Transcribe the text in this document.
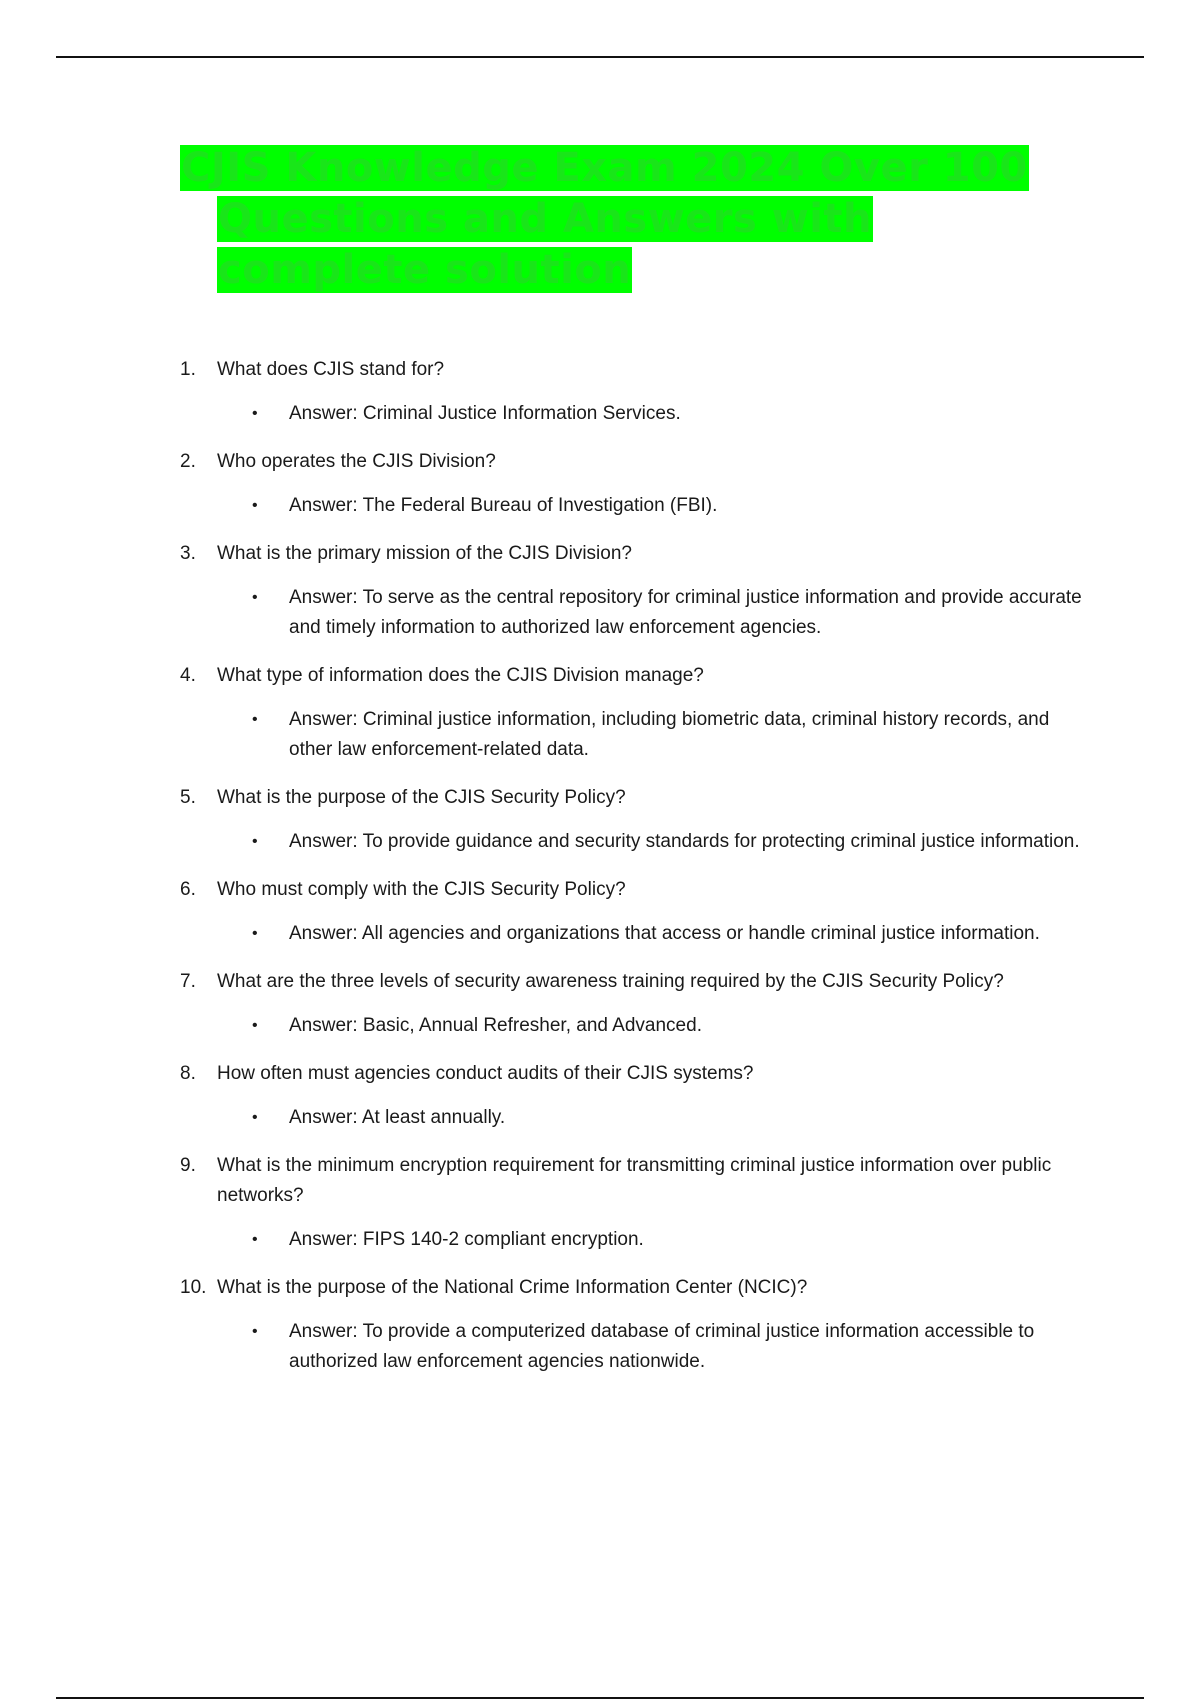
CJIS Knowledge Exam 2024 Over 100
Questions and Answers with
complete solution
1.	What does CJIS stand for?
•	Answer: Criminal Justice Information Services.
2.	Who operates the CJIS Division?
•	Answer: The Federal Bureau of Investigation (FBI).
3.	What is the primary mission of the CJIS Division?
•	Answer: To serve as the central repository for criminal justice information and provide accurate and timely information to authorized law enforcement agencies.
4.	What type of information does the CJIS Division manage?
•	Answer: Criminal justice information, including biometric data, criminal history records, and other law enforcement-related data.
5.	What is the purpose of the CJIS Security Policy?
•	Answer: To provide guidance and security standards for protecting criminal justice information.
6.	Who must comply with the CJIS Security Policy?
•	Answer: All agencies and organizations that access or handle criminal justice information.
7.	What are the three levels of security awareness training required by the CJIS Security Policy?
•	Answer: Basic, Annual Refresher, and Advanced.
8.	How often must agencies conduct audits of their CJIS systems?
•	Answer: At least annually.
9.	What is the minimum encryption requirement for transmitting criminal justice information over public networks?
•	Answer: FIPS 140-2 compliant encryption.
10. What is the purpose of the National Crime Information Center (NCIC)?
•	Answer: To provide a computerized database of criminal justice information accessible to authorized law enforcement agencies nationwide.
